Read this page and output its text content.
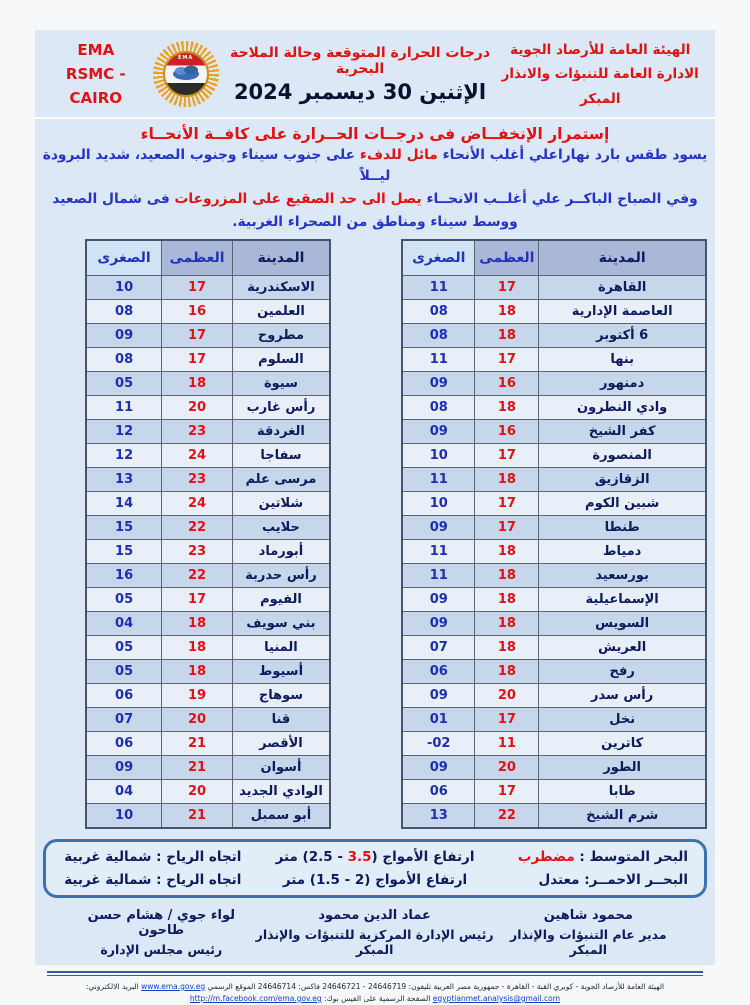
الهيئة العامة للأرصاد الجوية
الادارة العامة للتنبؤات والانذار المبكر
درجات الحرارة المتوقعة وحالة الملاحة البحرية
الإثنين 30 ديسمبر 2024
EMA
EMA
RSMC - CAIRO
إستمرار الإنخفــاض فى درجــات الحــرارة على كافــة الأنحــاء
يسود طقس بارد نهاراعلي أغلب الأنحاء مائل للدفء على جنوب سيناء وجنوب الصعيد، شديد البرودة ليــلاً
وفي الصباح الباكــر علي أغلــب الانحــاء يصل الى حد الصقيع على المزروعات فى شمال الصعيد
ووسط سيناء ومناطق من الصحراء الغربية.
المدينة	العظمى	الصغرى
القاهرة	17	11
العاصمة الإدارية	18	08
6 أكتوبر	18	08
بنها	17	11
دمنهور	16	09
وادي النطرون	18	08
كفر الشيخ	16	09
المنصورة	17	10
الزقازيق	18	11
شبين الكوم	17	10
طنطا	17	09
دمياط	18	11
بورسعيد	18	11
الإسماعيلية	18	09
السويس	18	09
العريش	18	07
رفح	18	06
رأس سدر	20	09
نخل	17	01
كاترين	11	-02
الطور	20	09
طابا	17	06
شرم الشيخ	22	13
المدينة	العظمى	الصغرى
الاسكندرية	17	10
العلمين	16	08
مطروح	17	09
السلوم	17	08
سيوة	18	05
رأس غارب	20	11
الغردقة	23	12
سفاجا	24	12
مرسى علم	23	13
شلاتين	24	14
حلايب	22	15
أبورماد	23	15
رأس حدربة	22	16
الفيوم	17	05
بني سويف	18	04
المنيا	18	05
أسيوط	18	05
سوهاج	19	06
قنا	20	07
الأقصر	21	06
أسوان	21	09
الوادي الجديد	20	04
أبو سمبل	21	10
البحر المتوسط : مضطرب
ارتفاع الأمواج (2.5 - 3.5) متر
اتجاه الرياح : شمالية غربية
البحــر الاحمــر: معتدل
ارتفاع الأمواج (1.5 - 2) متر
اتجاه الرياح : شمالية غربية
محمود شاهين
مدير عام التنبؤات والإنذار المبكر
عماد الدين محمود
رئيس الإدارة المركزية للتنبؤات والإنذار المبكر
لواء جوي / هشام حسن طاحون
رئيس مجلس الإدارة
الهيئة العامة للأرصاد الجوية - كوبري القبة - القاهرة - جمهورية مصر العربية تليفون: 24646719 - 24646721 فاكس: 24646714 الموقع الرسمي www.ema.gov.eg البريد الالكتروني: egyptianmet.analysis@gmail.com الصفحة الرسمية على الفيس بوك: http://m.facebook.com/ema.gov.eg
